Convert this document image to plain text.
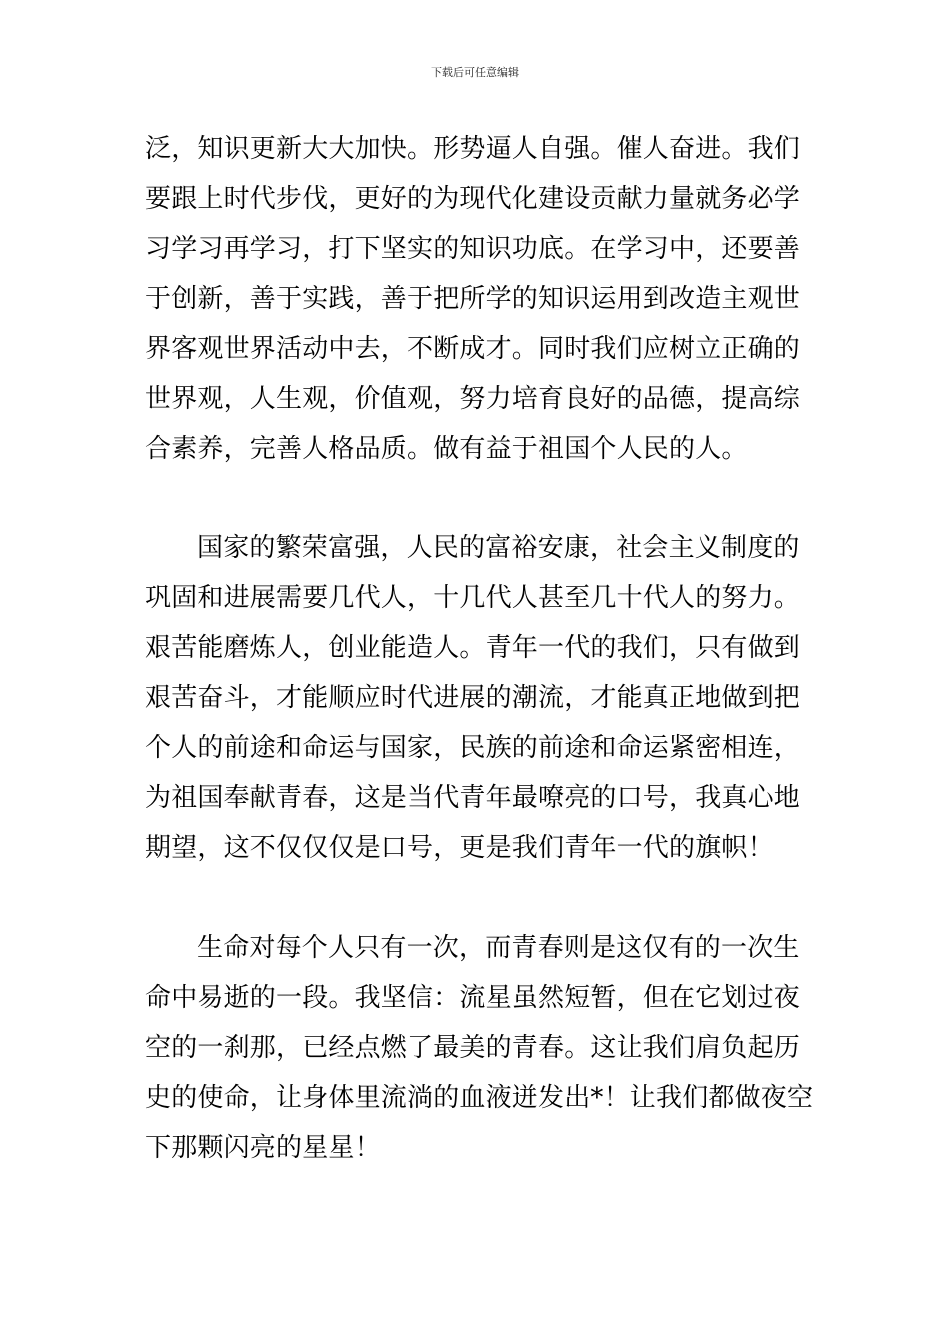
下载后可任意编辑
泛，知识更新大大加快。形势逼人自强。催人奋进。我们
要跟上时代步伐，更好的为现代化建设贡献力量就务必学
习学习再学习，打下坚实的知识功底。在学习中，还要善
于创新，善于实践，善于把所学的知识运用到改造主观世
界客观世界活动中去，不断成才。同时我们应树立正确的
世界观，人生观，价值观，努力培育良好的品德，提高综
合素养，完善人格品质。做有益于祖国个人民的人。
国家的繁荣富强，人民的富裕安康，社会主义制度的
巩固和进展需要几代人，十几代人甚至几十代人的努力。
艰苦能磨炼人，创业能造人。青年一代的我们，只有做到
艰苦奋斗，才能顺应时代进展的潮流，才能真正地做到把
个人的前途和命运与国家，民族的前途和命运紧密相连，
为祖国奉献青春，这是当代青年最嘹亮的口号，我真心地
期望，这不仅仅仅是口号，更是我们青年一代的旗帜！
生命对每个人只有一次，而青春则是这仅有的一次生
命中易逝的一段。我坚信：流星虽然短暂，但在它划过夜
空的一刹那，已经点燃了最美的青春。这让我们肩负起历
史的使命，让身体里流淌的血液迸发出*！让我们都做夜空
下那颗闪亮的星星！
